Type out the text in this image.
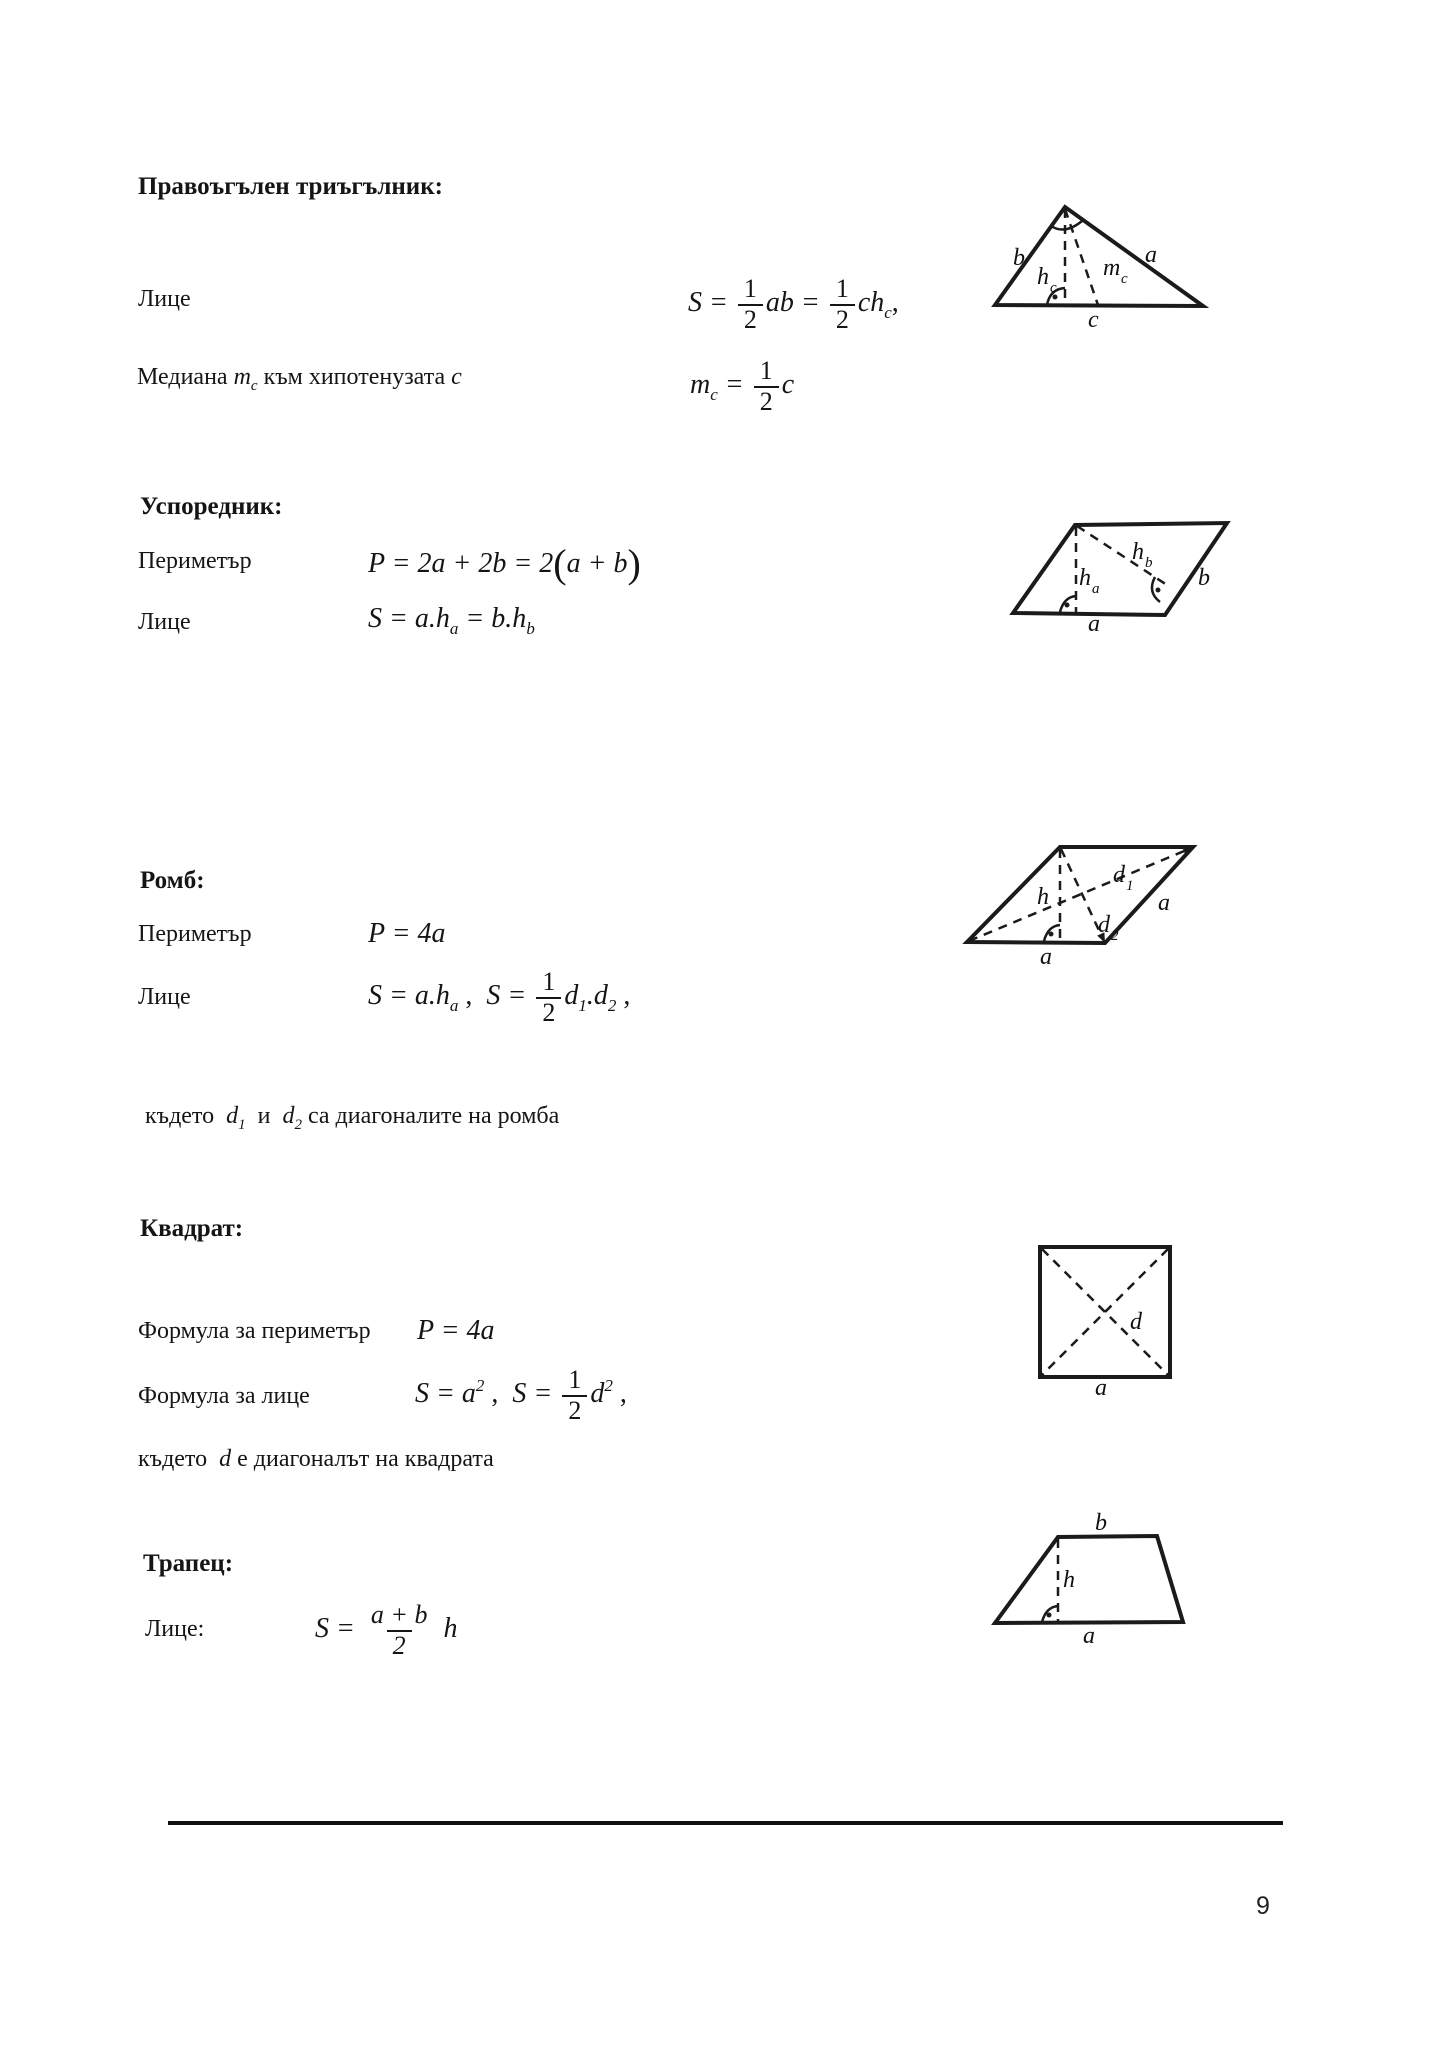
Правоъгълен триъгълник:
Лице	$S = \frac{1}{2}$ ab = $\frac{1}{2} ch_c$,
Медиана $m_c$ към хипотенузата c	$m_c = \frac{1}{2}$ c
b	a
h c
m c
c
Успоредник:
Периметър	P = 2a + 2b = 2(a + b)
Лице	$S = a.h_a = b.h_b$	a
b
h a
h b
Ромб:
Периметър	P = 4a
Лице	$S = a.h_a$ ,  $S = \frac{1}{2} d_1.d_2$ ,
където  $d_1$  и  $d_2$ са диагоналите на ромба
h
d 1
d 2
a
a
Квадрат:
Формула за периметър P = 4a
Формула за лице	$S = a^2$ ,  $S = \frac{1}{2} d^2$ ,
където  d е диагоналът на квадрата
d
a
Трапец:
Лице:	$S = \frac{a + b}{2}$ h
b
h
a
9
